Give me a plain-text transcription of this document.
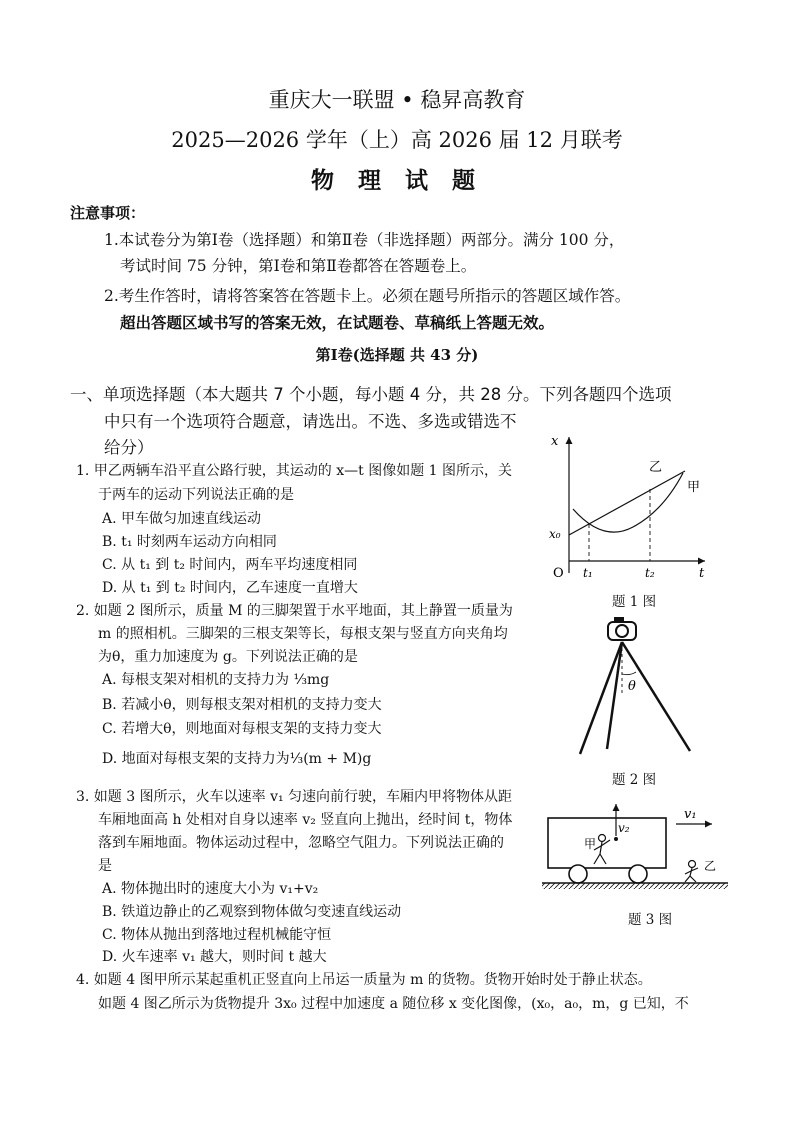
重庆大一联盟 • 稳昇高教育
2025—2026 学年（上）高 2026 届 12 月联考
物 理 试 题
注意事项：
1.本试卷分为第Ⅰ卷（选择题）和第Ⅱ卷（非选择题）两部分。满分 100 分，
考试时间 75 分钟，第Ⅰ卷和第Ⅱ卷都答在答题卷上。
2.考生作答时，请将答案答在答题卡上。必须在题号所指示的答题区域作答。
超出答题区域书写的答案无效，在试题卷、草稿纸上答题无效。
第Ⅰ卷(选择题 共 43 分)
一、单项选择题（本大题共 7 个小题，每小题 4 分，共 28 分。下列各题四个选项
中只有一个选项符合题意，请选出。不选、多选或错选不
给分）
1. 甲乙两辆车沿平直公路行驶，其运动的 x—t 图像如题 1 图所示，关
于两车的运动下列说法正确的是
A. 甲车做匀加速直线运动
B. t₁ 时刻两车运动方向相同
C. 从 t₁ 到 t₂ 时间内，两车平均速度相同
D. 从 t₁ 到 t₂ 时间内，乙车速度一直增大
x
t
O
x₀
t₁	t₂
乙
甲
题 1 图
2. 如题 2 图所示，质量 M 的三脚架置于水平地面，其上静置一质量为
m 的照相机。三脚架的三根支架等长，每根支架与竖直方向夹角均
为θ，重力加速度为 g。下列说法正确的是
A. 每根支架对相机的支持力为 ⅓mg
B. 若减小θ，则每根支架对相机的支持力变大
C. 若增大θ，则地面对每根支架的支持力变大
D. 地面对每根支架的支持力为⅓(m + M)g
θ
题 2 图
3. 如题 3 图所示，火车以速率 v₁ 匀速向前行驶，车厢内甲将物体从距
车厢地面高 h 处相对自身以速率 v₂ 竖直向上抛出，经时间 t，物体
落到车厢地面。物体运动过程中，忽略空气阻力。下列说法正确的
是
A. 物体抛出时的速度大小为 v₁+v₂
B. 铁道边静止的乙观察到物体做匀变速直线运动
C. 物体从抛出到落地过程机械能守恒
D. 火车速率 v₁ 越大，则时间 t 越大
v₁
v₂
甲
乙
题 3 图
4. 如题 4 图甲所示某起重机正竖直向上吊运一质量为 m 的货物。货物开始时处于静止状态。
如题 4 图乙所示为货物提升 3x₀ 过程中加速度 a 随位移 x 变化图像，(x₀，a₀，m，g 已知，不
